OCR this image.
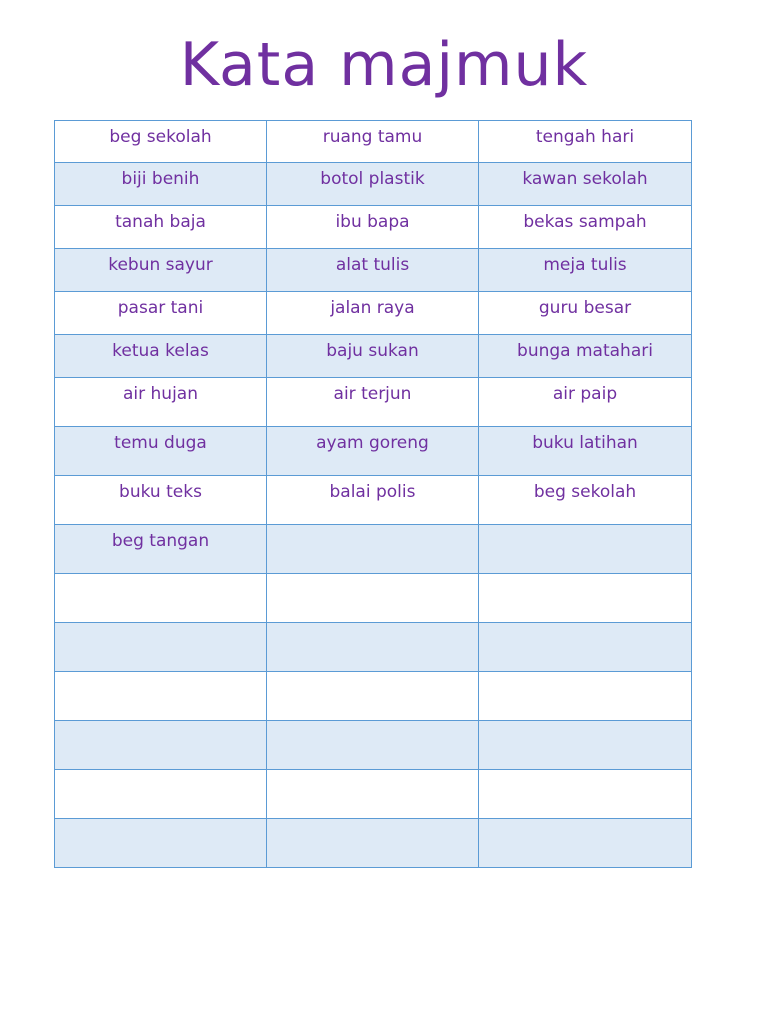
Kata majmuk
beg sekolah	ruang tamu	tengah hari
biji benih	botol plastik	kawan sekolah
tanah baja	ibu bapa	bekas sampah
kebun sayur	alat tulis	meja tulis
pasar tani	jalan raya	guru besar
ketua kelas	baju sukan	bunga matahari
air hujan	air terjun	air paip
temu duga	ayam goreng	buku latihan
buku teks	balai polis	beg sekolah
beg tangan		
